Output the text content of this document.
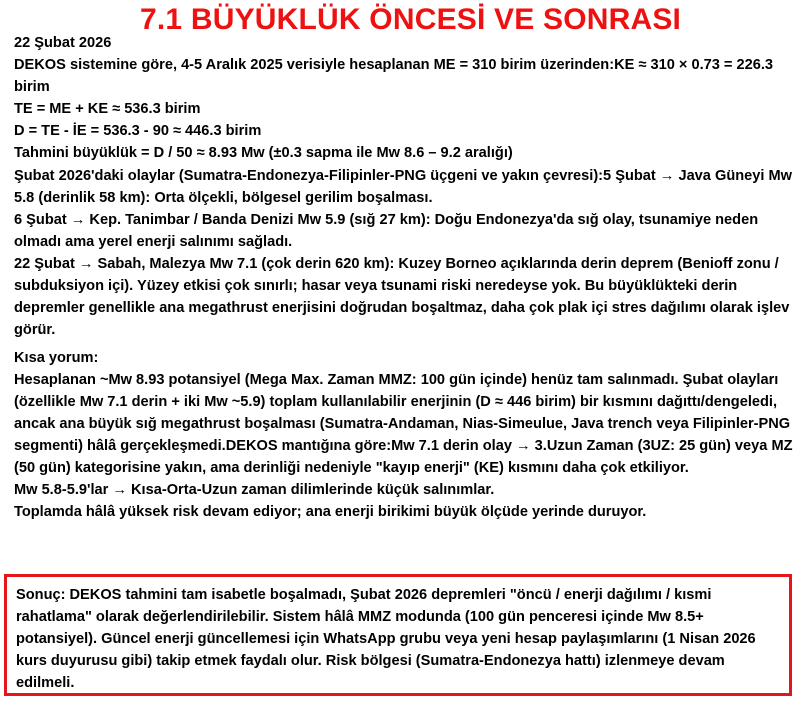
7.1 BÜYÜKLÜK ÖNCESİ VE SONRASI

22 Şubat 2026

DEKOS sistemine göre, 4-5 Aralık 2025 verisiyle hesaplanan ME = 310 birim üzerinden:KE ≈ 310 × 0.73 = 226.3 birim

TE = ME + KE ≈ 536.3 birim

D = TE - İE = 536.3 - 90 ≈ 446.3 birim

Tahmini büyüklük = D / 50 ≈ 8.93 Mw (±0.3 sapma ile Mw 8.6 – 9.2 aralığı)

Şubat 2026'daki olaylar (Sumatra-Endonezya-Filipinler-PNG üçgeni ve yakın çevresi):5 Şubat → Java Güneyi Mw 5.8 (derinlik 58 km): Orta ölçekli, bölgesel gerilim boşalması.

6 Şubat → Kep. Tanimbar / Banda Denizi Mw 5.9 (sığ 27 km): Doğu Endonezya'da sığ olay, tsunamiye neden olmadı ama yerel enerji salınımı sağladı.

22 Şubat → Sabah, Malezya Mw 7.1 (çok derin 620 km): Kuzey Borneo açıklarında derin deprem (Benioff zonu / subduksiyon içi). Yüzey etkisi çok sınırlı; hasar veya tsunami riski neredeyse yok. Bu büyüklükteki derin depremler genellikle ana megathrust enerjisini doğrudan boşaltmaz, daha çok plak içi stres dağılımı olarak işlev görür.

Kısa yorum:

Hesaplanan ~Mw 8.93 potansiyel (Mega Max. Zaman MMZ: 100 gün içinde) henüz tam salınmadı. Şubat olayları (özellikle Mw 7.1 derin + iki Mw ~5.9) toplam kullanılabilir enerjinin (D ≈ 446 birim) bir kısmını dağıttı/dengeledi, ancak ana büyük sığ megathrust boşalması (Sumatra-Andaman, Nias-Simeulue, Java trench veya Filipinler-PNG segmenti) hâlâ gerçekleşmedi.DEKOS mantığına göre:Mw 7.1 derin olay → 3.Uzun Zaman (3UZ: 25 gün) veya MZ (50 gün) kategorisine yakın, ama derinliği nedeniyle "kayıp enerji" (KE) kısmını daha çok etkiliyor.

Mw 5.8-5.9'lar → Kısa-Orta-Uzun zaman dilimlerinde küçük salınımlar.

Toplamda hâlâ yüksek risk devam ediyor; ana enerji birikimi büyük ölçüde yerinde duruyor.

Sonuç: DEKOS tahmini tam isabetle boşalmadı, Şubat 2026 depremleri "öncü / enerji dağılımı / kısmi rahatlama" olarak değerlendirilebilir. Sistem hâlâ MMZ modunda (100 gün penceresi içinde Mw 8.5+ potansiyel). Güncel enerji güncellemesi için WhatsApp grubu veya yeni hesap paylaşımlarını (1 Nisan 2026 kurs duyurusu gibi) takip etmek faydalı olur. Risk bölgesi (Sumatra-Endonezya hattı) izlenmeye devam edilmeli.
